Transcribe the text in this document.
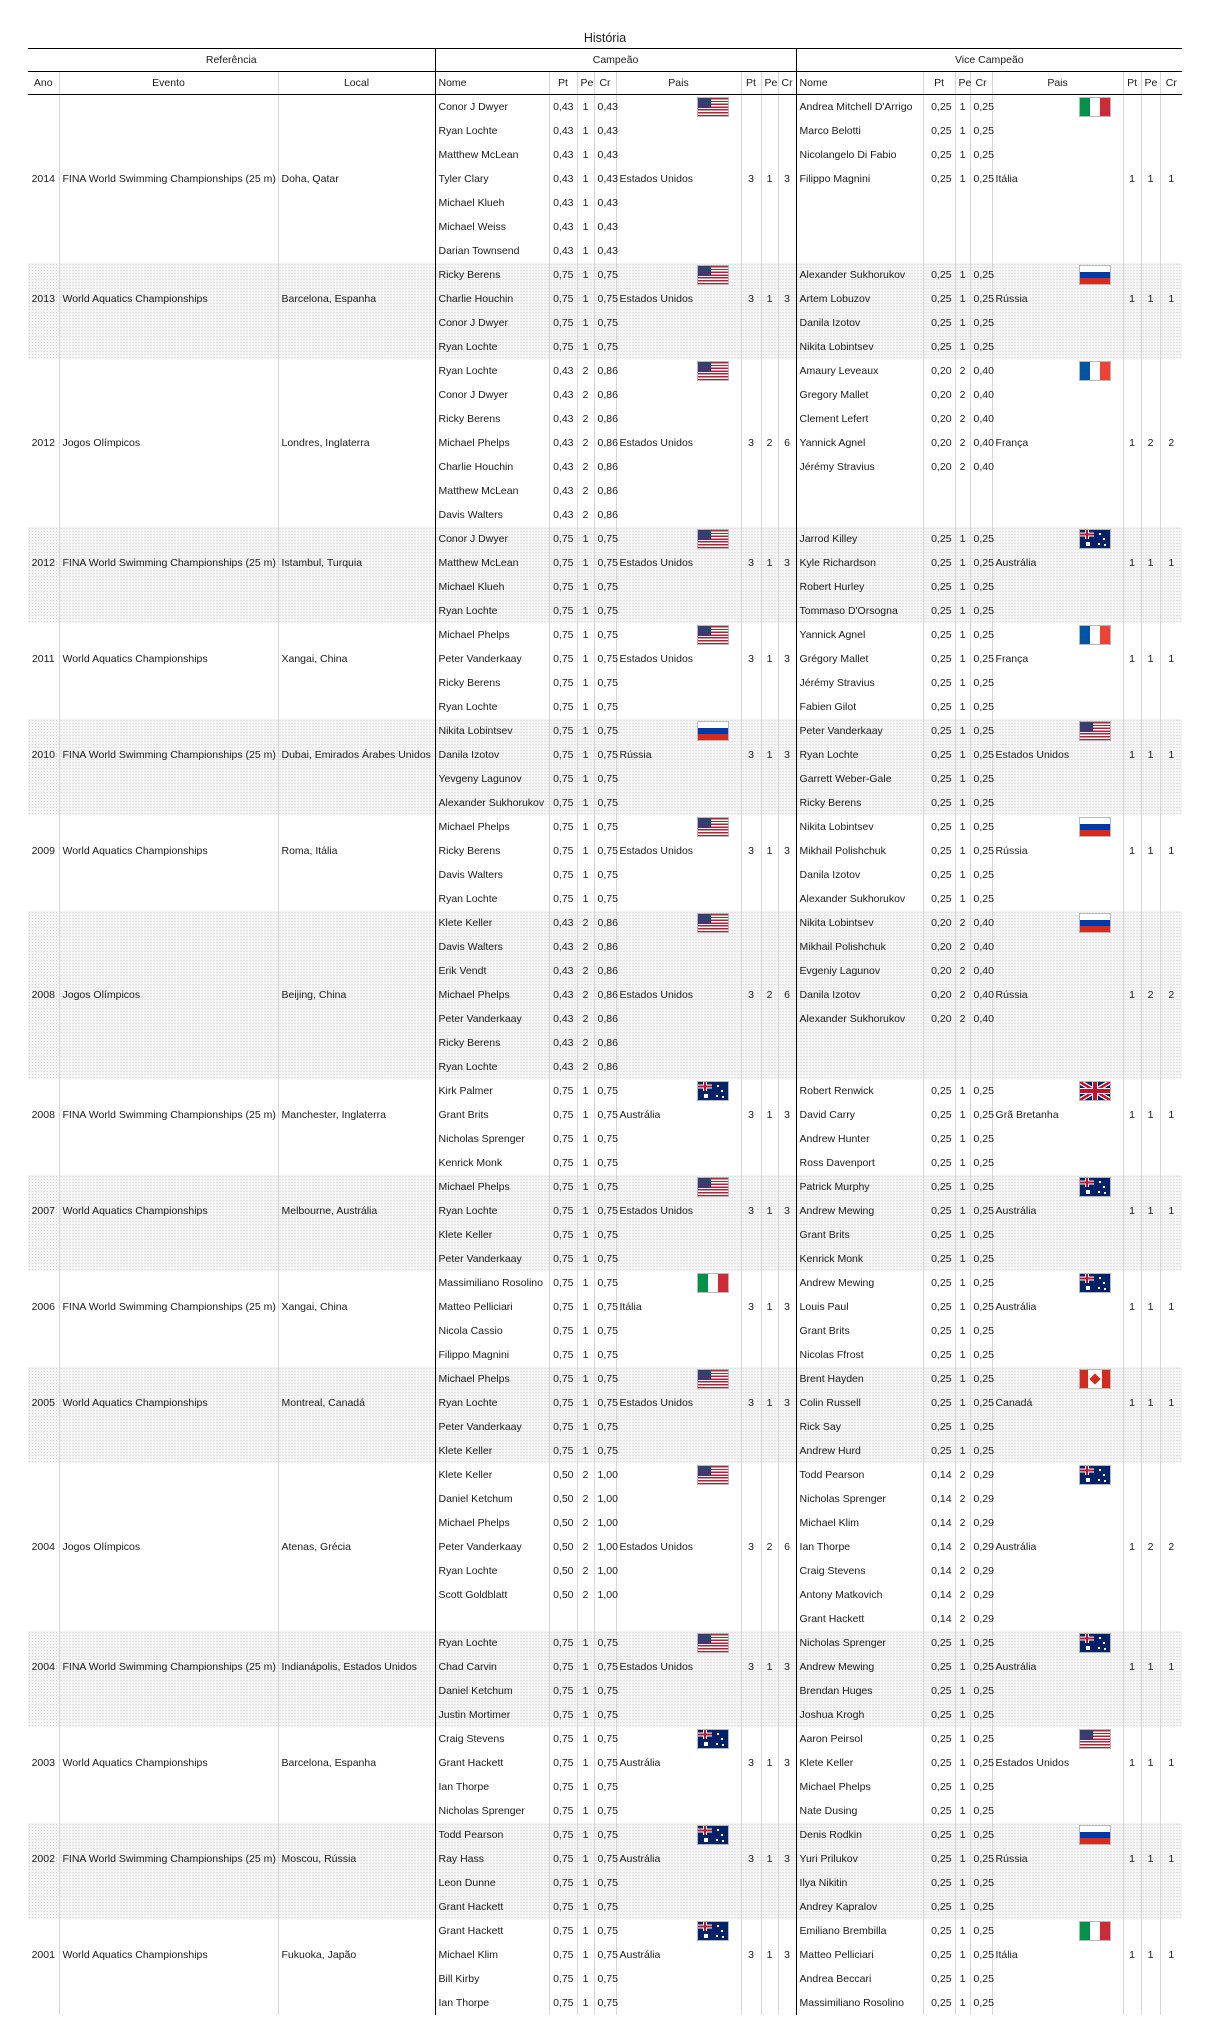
História
Referência			Campeão								Vice Campeão							
Ano	Evento	Local	Nome	Pt	Pe	Cr	Pais	Pt	Pe	Cr	Nome	Pt	Pe	Cr	Pais	Pt	Pe	Cr
			Conor J Dwyer	0,43	1	0,43					Andrea Mitchell D'Arrigo	0,25	1	0,25				
			Ryan Lochte	0,43	1	0,43					Marco Belotti	0,25	1	0,25				
			Matthew McLean	0,43	1	0,43					Nicolangelo Di Fabio	0,25	1	0,25				
2014	FINA World Swimming Championships (25 m)	Doha, Qatar	Tyler Clary	0,43	1	0,43	Estados Unidos	3	1	3	Filippo Magnini	0,25	1	0,25	Itália	1	1	1
			Michael Klueh	0,43	1	0,43												
			Michael Weiss	0,43	1	0,43												
			Darian Townsend	0,43	1	0,43												
			Ricky Berens	0,75	1	0,75					Alexander Sukhorukov	0,25	1	0,25				
2013	World Aquatics Championships	Barcelona, Espanha	Charlie Houchin	0,75	1	0,75	Estados Unidos	3	1	3	Artem Lobuzov	0,25	1	0,25	Rússia	1	1	1
			Conor J Dwyer	0,75	1	0,75					Danila Izotov	0,25	1	0,25				
			Ryan Lochte	0,75	1	0,75					Nikita Lobintsev	0,25	1	0,25				
			Ryan Lochte	0,43	2	0,86					Amaury Leveaux	0,20	2	0,40				
			Conor J Dwyer	0,43	2	0,86					Gregory Mallet	0,20	2	0,40				
			Ricky Berens	0,43	2	0,86					Clement Lefert	0,20	2	0,40				
2012	Jogos Olímpicos	Londres, Inglaterra	Michael Phelps	0,43	2	0,86	Estados Unidos	3	2	6	Yannick Agnel	0,20	2	0,40	França	1	2	2
			Charlie Houchin	0,43	2	0,86					Jérémy Stravius	0,20	2	0,40				
			Matthew McLean	0,43	2	0,86												
			Davis Walters	0,43	2	0,86												
			Conor J Dwyer	0,75	1	0,75					Jarrod Killey	0,25	1	0,25				
2012	FINA World Swimming Championships (25 m)	Istambul, Turquia	Matthew McLean	0,75	1	0,75	Estados Unidos	3	1	3	Kyle Richardson	0,25	1	0,25	Austrália	1	1	1
			Michael Klueh	0,75	1	0,75					Robert Hurley	0,25	1	0,25				
			Ryan Lochte	0,75	1	0,75					Tommaso D'Orsogna	0,25	1	0,25				
			Michael Phelps	0,75	1	0,75					Yannick Agnel	0,25	1	0,25				
2011	World Aquatics Championships	Xangai, China	Peter Vanderkaay	0,75	1	0,75	Estados Unidos	3	1	3	Grégory Mallet	0,25	1	0,25	França	1	1	1
			Ricky Berens	0,75	1	0,75					Jérémy Stravius	0,25	1	0,25				
			Ryan Lochte	0,75	1	0,75					Fabien Gilot	0,25	1	0,25				
			Nikita Lobintsev	0,75	1	0,75					Peter Vanderkaay	0,25	1	0,25				
2010	FINA World Swimming Championships (25 m)	Dubai, Emirados Árabes Unidos	Danila Izotov	0,75	1	0,75	Rússia	3	1	3	Ryan Lochte	0,25	1	0,25	Estados Unidos	1	1	1
			Yevgeny Lagunov	0,75	1	0,75					Garrett Weber-Gale	0,25	1	0,25				
			Alexander Sukhorukov	0,75	1	0,75					Ricky Berens	0,25	1	0,25				
			Michael Phelps	0,75	1	0,75					Nikita Lobintsev	0,25	1	0,25				
2009	World Aquatics Championships	Roma, Itália	Ricky Berens	0,75	1	0,75	Estados Unidos	3	1	3	Mikhail Polishchuk	0,25	1	0,25	Rússia	1	1	1
			Davis Walters	0,75	1	0,75					Danila Izotov	0,25	1	0,25				
			Ryan Lochte	0,75	1	0,75					Alexander Sukhorukov	0,25	1	0,25				
			Klete Keller	0,43	2	0,86					Nikita Lobintsev	0,20	2	0,40				
			Davis Walters	0,43	2	0,86					Mikhail Polishchuk	0,20	2	0,40				
			Erik Vendt	0,43	2	0,86					Evgeniy Lagunov	0,20	2	0,40				
2008	Jogos Olímpicos	Beijing, China	Michael Phelps	0,43	2	0,86	Estados Unidos	3	2	6	Danila Izotov	0,20	2	0,40	Rússia	1	2	2
			Peter Vanderkaay	0,43	2	0,86					Alexander Sukhorukov	0,20	2	0,40				
			Ricky Berens	0,43	2	0,86												
			Ryan Lochte	0,43	2	0,86												
			Kirk Palmer	0,75	1	0,75					Robert Renwick	0,25	1	0,25				
2008	FINA World Swimming Championships (25 m)	Manchester, Inglaterra	Grant Brits	0,75	1	0,75	Austrália	3	1	3	David Carry	0,25	1	0,25	Grã Bretanha	1	1	1
			Nicholas Sprenger	0,75	1	0,75					Andrew Hunter	0,25	1	0,25				
			Kenrick Monk	0,75	1	0,75					Ross Davenport	0,25	1	0,25				
			Michael Phelps	0,75	1	0,75					Patrick Murphy	0,25	1	0,25				
2007	World Aquatics Championships	Melbourne, Austrália	Ryan Lochte	0,75	1	0,75	Estados Unidos	3	1	3	Andrew Mewing	0,25	1	0,25	Austrália	1	1	1
			Klete Keller	0,75	1	0,75					Grant Brits	0,25	1	0,25				
			Peter Vanderkaay	0,75	1	0,75					Kenrick Monk	0,25	1	0,25				
			Massimiliano Rosolino	0,75	1	0,75					Andrew Mewing	0,25	1	0,25				
2006	FINA World Swimming Championships (25 m)	Xangai, China	Matteo Pelliciari	0,75	1	0,75	Itália	3	1	3	Louis Paul	0,25	1	0,25	Austrália	1	1	1
			Nicola Cassio	0,75	1	0,75					Grant Brits	0,25	1	0,25				
			Filippo Magnini	0,75	1	0,75					Nicolas Ffrost	0,25	1	0,25				
			Michael Phelps	0,75	1	0,75					Brent Hayden	0,25	1	0,25				
2005	World Aquatics Championships	Montreal, Canadá	Ryan Lochte	0,75	1	0,75	Estados Unidos	3	1	3	Colin Russell	0,25	1	0,25	Canadá	1	1	1
			Peter Vanderkaay	0,75	1	0,75					Rick Say	0,25	1	0,25				
			Klete Keller	0,75	1	0,75					Andrew Hurd	0,25	1	0,25				
			Klete Keller	0,50	2	1,00					Todd Pearson	0,14	2	0,29				
			Daniel Ketchum	0,50	2	1,00					Nicholas Sprenger	0,14	2	0,29				
			Michael Phelps	0,50	2	1,00					Michael Klim	0,14	2	0,29				
2004	Jogos Olímpicos	Atenas, Grécia	Peter Vanderkaay	0,50	2	1,00	Estados Unidos	3	2	6	Ian Thorpe	0,14	2	0,29	Austrália	1	2	2
			Ryan Lochte	0,50	2	1,00					Craig Stevens	0,14	2	0,29				
			Scott Goldblatt	0,50	2	1,00					Antony Matkovich	0,14	2	0,29				
											Grant Hackett	0,14	2	0,29				
			Ryan Lochte	0,75	1	0,75					Nicholas Sprenger	0,25	1	0,25				
2004	FINA World Swimming Championships (25 m)	Indianápolis, Estados Unidos	Chad Carvin	0,75	1	0,75	Estados Unidos	3	1	3	Andrew Mewing	0,25	1	0,25	Austrália	1	1	1
			Daniel Ketchum	0,75	1	0,75					Brendan Huges	0,25	1	0,25				
			Justin Mortimer	0,75	1	0,75					Joshua Krogh	0,25	1	0,25				
			Craig Stevens	0,75	1	0,75					Aaron Peirsol	0,25	1	0,25				
2003	World Aquatics Championships	Barcelona, Espanha	Grant Hackett	0,75	1	0,75	Austrália	3	1	3	Klete Keller	0,25	1	0,25	Estados Unidos	1	1	1
			Ian Thorpe	0,75	1	0,75					Michael Phelps	0,25	1	0,25				
			Nicholas Sprenger	0,75	1	0,75					Nate Dusing	0,25	1	0,25				
			Todd Pearson	0,75	1	0,75					Denis Rodkin	0,25	1	0,25				
2002	FINA World Swimming Championships (25 m)	Moscou, Rússia	Ray Hass	0,75	1	0,75	Austrália	3	1	3	Yuri Prilukov	0,25	1	0,25	Rússia	1	1	1
			Leon Dunne	0,75	1	0,75					Ilya Nikitin	0,25	1	0,25				
			Grant Hackett	0,75	1	0,75					Andrey Kapralov	0,25	1	0,25				
			Grant Hackett	0,75	1	0,75					Emiliano Brembilla	0,25	1	0,25				
2001	World Aquatics Championships	Fukuoka, Japão	Michael Klim	0,75	1	0,75	Austrália	3	1	3	Matteo Pelliciari	0,25	1	0,25	Itália	1	1	1
			Bill Kirby	0,75	1	0,75					Andrea Beccari	0,25	1	0,25				
			Ian Thorpe	0,75	1	0,75					Massimiliano Rosolino	0,25	1	0,25				
